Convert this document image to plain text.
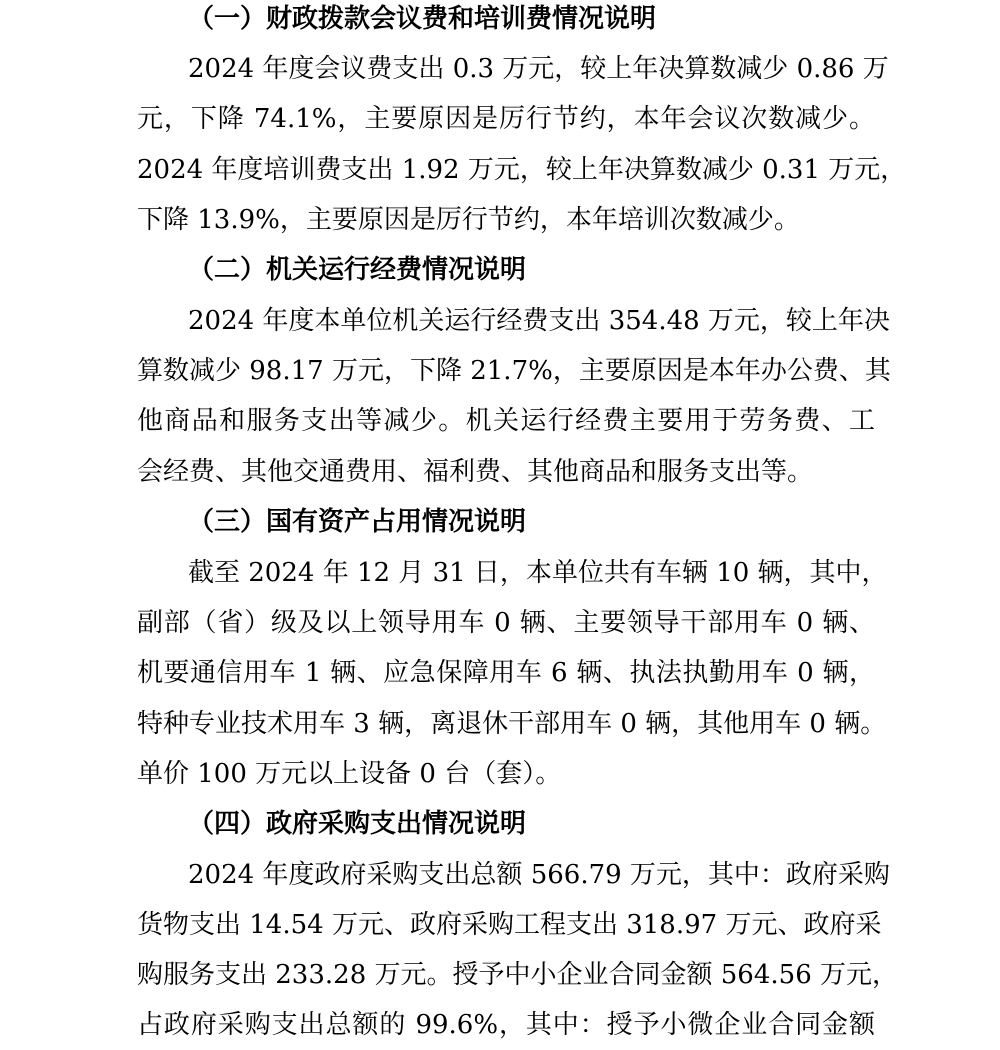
（一）财政拨款会议费和培训费情况说明
2024 年度会议费支出 0.3 万元，较上年决算数减少 0.86 万
元，下降 74.1%，主要原因是厉行节约，本年会议次数减少。
2024 年度培训费支出 1.92 万元，较上年决算数减少 0.31 万元，
下降 13.9%，主要原因是厉行节约，本年培训次数减少。
（二）机关运行经费情况说明
2024 年度本单位机关运行经费支出 354.48 万元，较上年决
算数减少 98.17 万元，下降 21.7%，主要原因是本年办公费、其
他商品和服务支出等减少。机关运行经费主要用于劳务费、工
会经费、其他交通费用、福利费、其他商品和服务支出等。
（三）国有资产占用情况说明
截至 2024 年 12 月 31 日，本单位共有车辆 10 辆，其中，
副部（省）级及以上领导用车 0 辆、主要领导干部用车 0 辆、
机要通信用车 1 辆、应急保障用车 6 辆、执法执勤用车 0 辆，
特种专业技术用车 3 辆，离退休干部用车 0 辆，其他用车 0 辆。
单价 100 万元以上设备 0 台（套）。
（四）政府采购支出情况说明
2024 年度政府采购支出总额 566.79 万元，其中：政府采购
货物支出 14.54 万元、政府采购工程支出 318.97 万元、政府采
购服务支出 233.28 万元。授予中小企业合同金额 564.56 万元，
占政府采购支出总额的 99.6%，其中：授予小微企业合同金额
